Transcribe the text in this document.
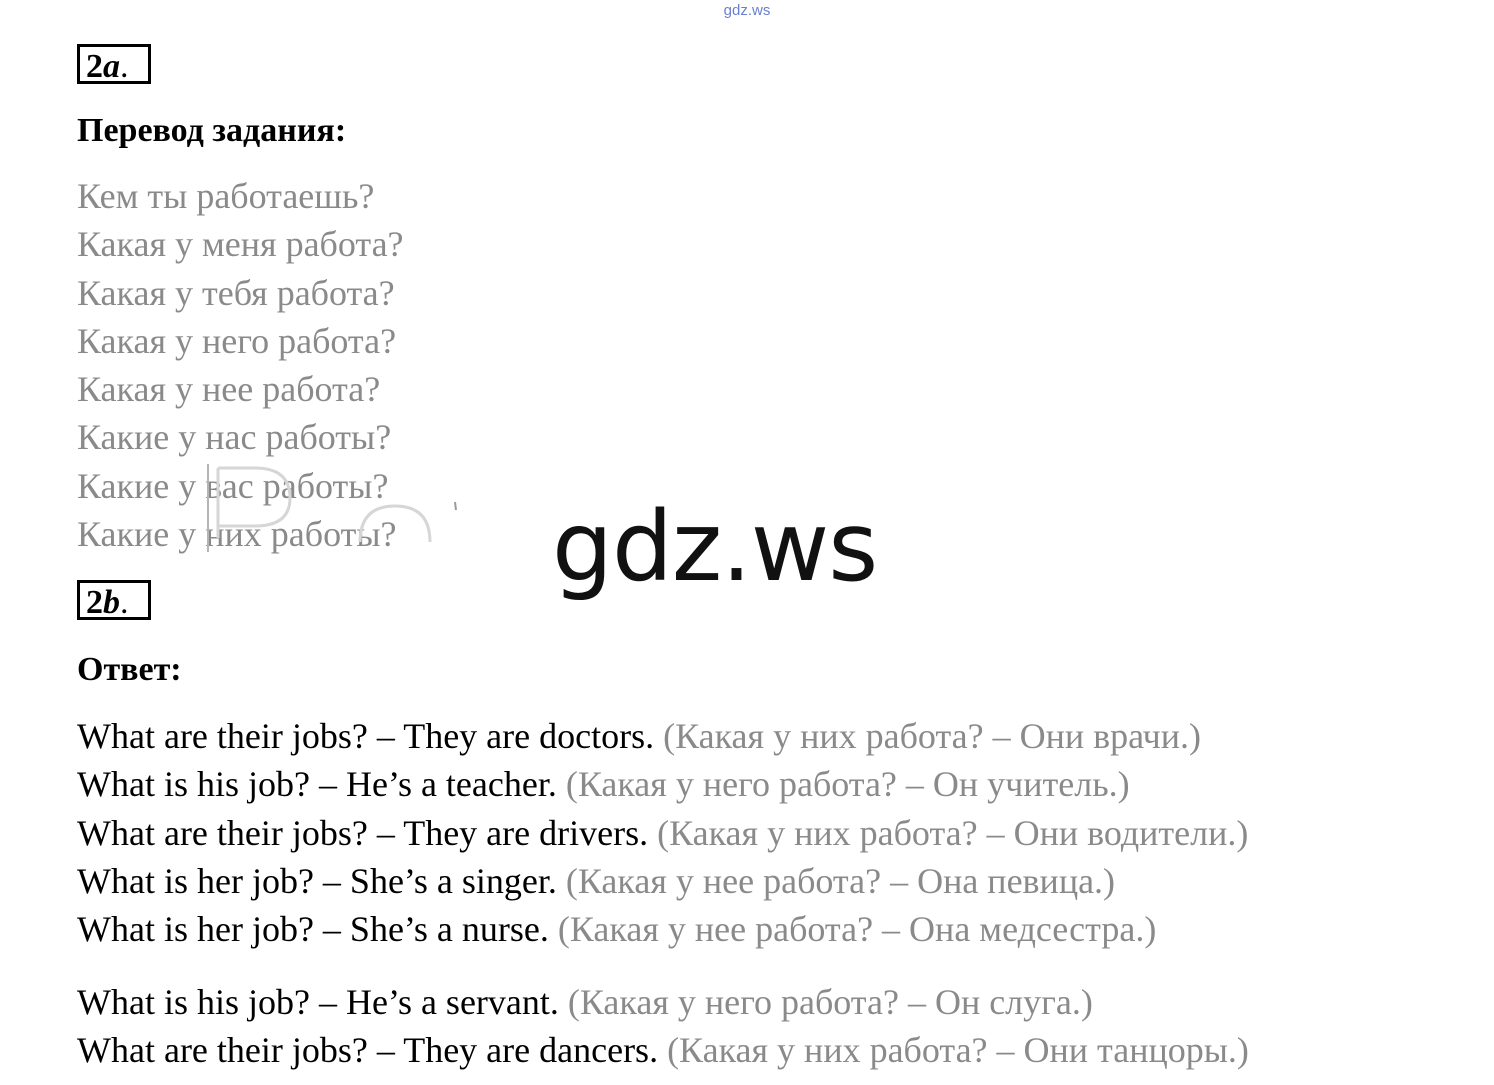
gdz.ws
2a.
Перевод задания:
Кем ты работаешь?
Какая у меня работа?
Какая у тебя работа?
Какая у него работа?
Какая у нее работа?
Какие у нас работы?
Какие у вас работы?
Какие у них работы? gdz.ws
2b.
Ответ:
What are their jobs? – They are doctors. (Какая у них работа? – Они врачи.)
What is his job? – He’s a teacher. (Какая у него работа? – Он учитель.)
What are their jobs? – They are drivers. (Какая у них работа? – Они водители.)
What is her job? – She’s a singer. (Какая у нее работа? – Она певица.)
What is her job? – She’s a nurse. (Какая у нее работа? – Она медсестра.)
What is his job? – He’s a servant. (Какая у него работа? – Он слуга.)
What are their jobs? – They are dancers. (Какая у них работа? – Они танцоры.)
